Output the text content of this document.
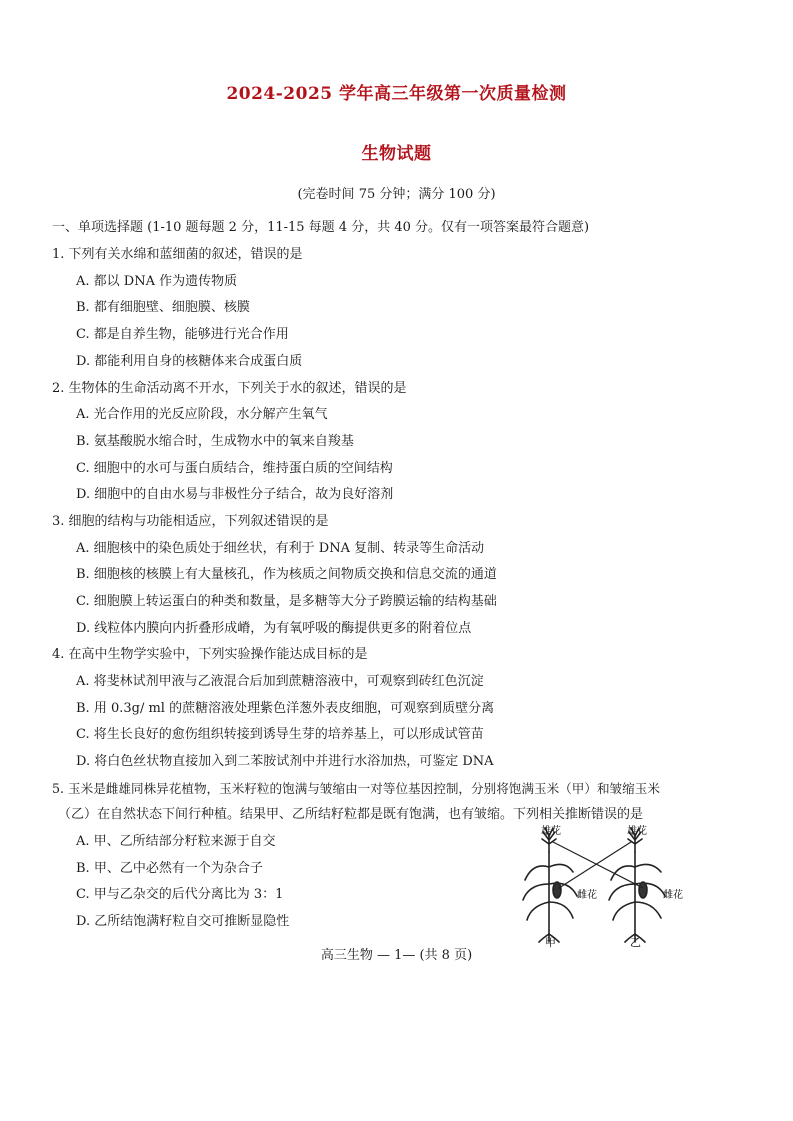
2024-2025 学年高三年级第一次质量检测
生物试题
(完卷时间 75 分钟；满分 100 分)
一、单项选择题 (1-10 题每题 2 分，11-15 每题 4 分，共 40 分。仅有一项答案最符合题意)
1. 下列有关水绵和蓝细菌的叙述，错误的是
A. 都以 DNA 作为遗传物质
B. 都有细胞壁、细胞膜、核膜
C. 都是自养生物，能够进行光合作用
D. 都能利用自身的核糖体来合成蛋白质
2. 生物体的生命活动离不开水，下列关于水的叙述，错误的是
A. 光合作用的光反应阶段，水分解产生氧气
B. 氨基酸脱水缩合时，生成物水中的氧来自羧基
C. 细胞中的水可与蛋白质结合，维持蛋白质的空间结构
D. 细胞中的自由水易与非极性分子结合，故为良好溶剂
3. 细胞的结构与功能相适应，下列叙述错误的是
A. 细胞核中的染色质处于细丝状，有利于 DNA 复制、转录等生命活动
B. 细胞核的核膜上有大量核孔，作为核质之间物质交换和信息交流的通道
C. 细胞膜上转运蛋白的种类和数量，是多糖等大分子跨膜运输的结构基础
D. 线粒体内膜向内折叠形成嵴，为有氧呼吸的酶提供更多的附着位点
4. 在高中生物学实验中，下列实验操作能达成目标的是
A. 将斐林试剂甲液与乙液混合后加到蔗糖溶液中，可观察到砖红色沉淀
B. 用 0.3g/ ml 的蔗糖溶液处理紫色洋葱外表皮细胞，可观察到质壁分离
C. 将生长良好的愈伤组织转接到诱导生芽的培养基上，可以形成试管苗
D. 将白色丝状物直接加入到二苯胺试剂中并进行水浴加热，可鉴定 DNA
5. 玉米是雌雄同株异花植物，玉米籽粒的饱满与皱缩由一对等位基因控制，分别将饱满玉米（甲）和皱缩玉米
（乙）在自然状态下间行种植。结果甲、乙所结籽粒都是既有饱满，也有皱缩。下列相关推断错误的是
A. 甲、乙所结部分籽粒来源于自交
B. 甲、乙中必然有一个为杂合子
C. 甲与乙杂交的后代分离比为 3：1
D. 乙所结饱满籽粒自交可推断显隐性
雄花	雄花
雌花	雌花
甲	乙
高三生物 — 1— (共 8 页)
